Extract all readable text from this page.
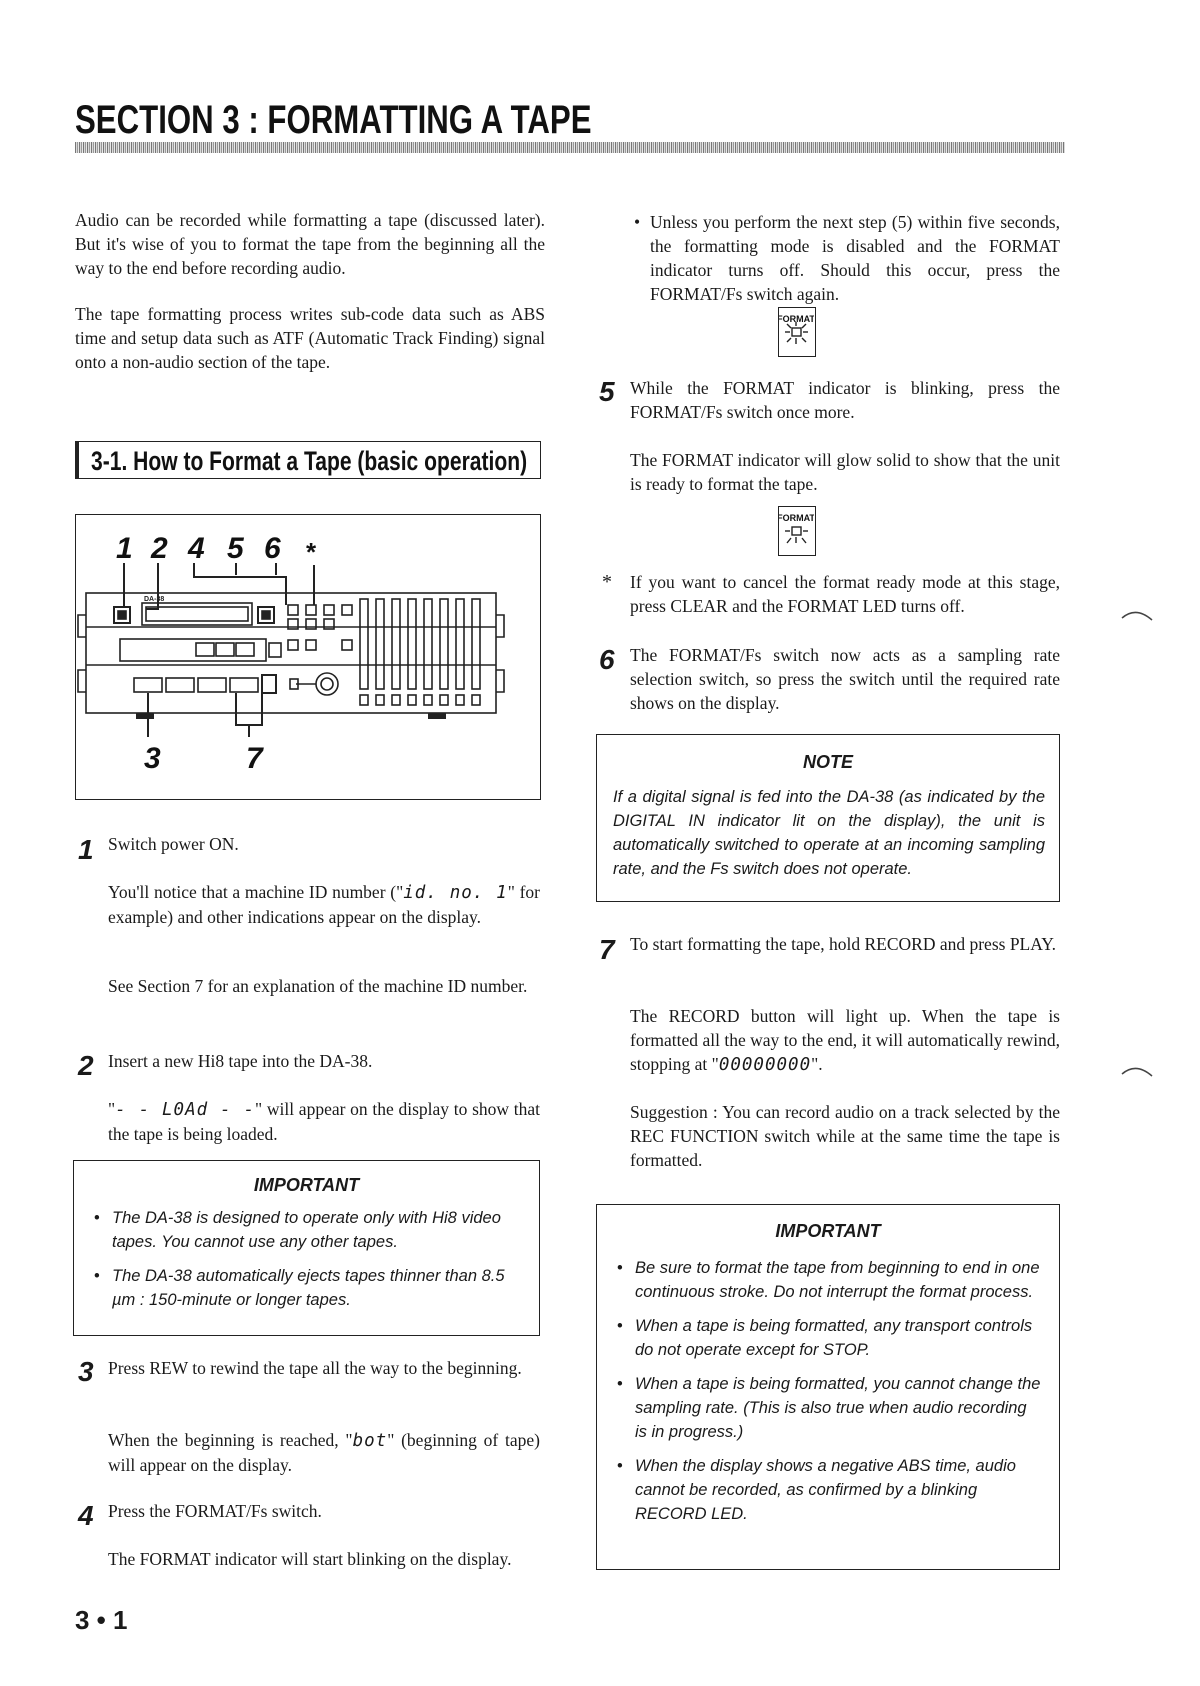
SECTION 3 : FORMATTING A TAPE

Audio can be recorded while formatting a tape (discussed later). But it's wise of you to format the tape from the beginning all the way to the end before recording audio.

The tape formatting process writes sub-code data such as ABS time and setup data such as ATF (Automatic Track Finding) signal onto a non-audio section of the tape.

3-1. How to Format a Tape (basic operation)
1 2 4 5 6 *
3	7
DA-38
1 Switch power ON.

You'll notice that a machine ID number ("id. no. 1" for example) and other indications appear on the display.

See Section 7 for an explanation of the machine ID number.

2 Insert a new Hi8 tape into the DA-38.

"- - L0Ad - -" will appear on the display to show that the tape is being loaded.

IMPORTANT
• The DA-38 is designed to operate only with Hi8 video tapes. You cannot use any other tapes.
• The DA-38 automatically ejects tapes thinner than 8.5 µm : 150-minute or longer tapes.
3 Press REW to rewind the tape all the way to the beginning.

When the beginning is reached, "bot" (beginning of tape) will appear on the display.

4 Press the FORMAT/Fs switch.

The FORMAT indicator will start blinking on the display.

3 • 1
• Unless you perform the next step (5) within five seconds, the formatting mode is disabled and the FORMAT indicator turns off. Should this occur, press the FORMAT/Fs switch again.

FORMAT
5 While the FORMAT indicator is blinking, press the FORMAT/Fs switch once more.

The FORMAT indicator will glow solid to show that the unit is ready to format the tape.

FORMAT
* If you want to cancel the format ready mode at this stage, press CLEAR and the FORMAT LED turns off.

6 The FORMAT/Fs switch now acts as a sampling rate selection switch, so press the switch until the required rate shows on the display.

NOTE

If a digital signal is fed into the DA-38 (as indicated by the DIGITAL IN indicator lit on the display), the unit is automatically switched to operate at an incoming sampling rate, and the Fs switch does not operate.

7 To start formatting the tape, hold RECORD and press PLAY.

The RECORD button will light up. When the tape is formatted all the way to the end, it will automatically rewind, stopping at "00000000".

Suggestion : You can record audio on a track selected by the REC FUNCTION switch while at the same time the tape is formatted.

IMPORTANT
• Be sure to format the tape from beginning to end in one continuous stroke. Do not interrupt the format process.
• When a tape is being formatted, any transport controls do not operate except for STOP.
• When a tape is being formatted, you cannot change the sampling rate. (This is also true when audio recording is in progress.)
• When the display shows a negative ABS time, audio cannot be recorded, as confirmed by a blinking RECORD LED.
